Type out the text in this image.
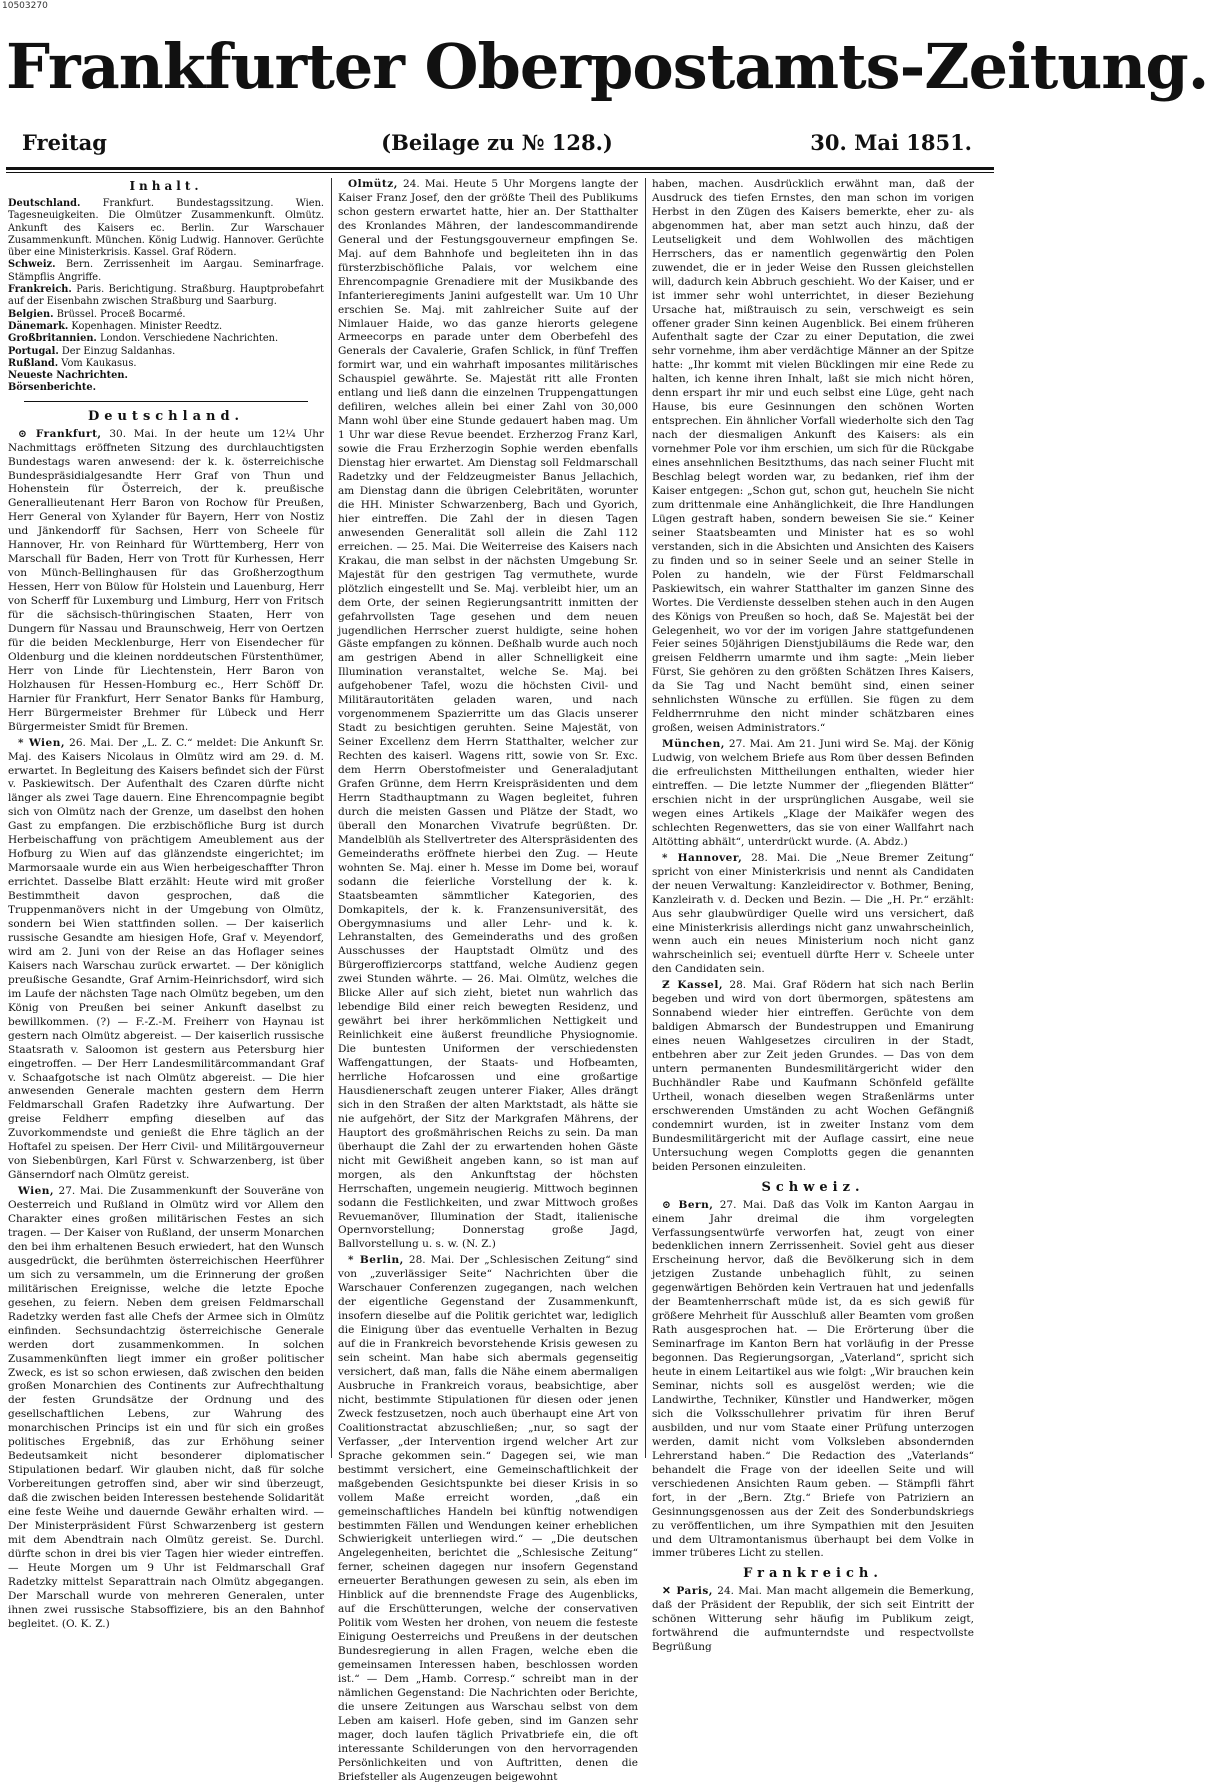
10503270
Frankfurter Oberpostamts-Zeitung.
Freitag	(Beilage zu № 128.)	30. Mai 1851.
Inhalt.

Deutschland. Frankfurt. Bundestagssitzung. Wien. Tagesneuigkeiten. Die Olmützer Zusammenkunft. Olmütz. Ankunft des Kaisers ec. Berlin. Zur Warschauer Zusammenkunft. München. König Ludwig. Hannover. Gerüchte über eine Ministerkrisis. Kassel. Graf Rödern.

Schweiz. Bern. Zerrissenheit im Aargau. Seminarfrage. Stämpflis Angriffe.

Frankreich. Paris. Berichtigung. Straßburg. Hauptprobefahrt auf der Eisenbahn zwischen Straßburg und Saarburg.

Belgien. Brüssel. Proceß Bocarmé.

Dänemark. Kopenhagen. Minister Reedtz.

Großbritannien. London. Verschiedene Nachrichten.

Portugal. Der Einzug Saldanhas.

Rußland. Vom Kaukasus.

Neueste Nachrichten.

Börsenberichte.

Deutschland.

⊙ Frankfurt, 30. Mai. In der heute um 12¼ Uhr Nachmittags eröffneten Sitzung des durchlauchtigsten Bundestags waren anwesend: der k. k. österreichische Bundespräsidialgesandte Herr Graf von Thun und Hohenstein für Österreich, der k. preußische Generallieutenant Herr Baron von Rochow für Preußen, Herr General von Xylander für Bayern, Herr von Nostiz und Jänkendorff für Sachsen, Herr von Scheele für Hannover, Hr. von Reinhard für Württemberg, Herr von Marschall für Baden, Herr von Trott für Kurhessen, Herr von Münch-Bellinghausen für das Großherzogthum Hessen, Herr von Bülow für Holstein und Lauenburg, Herr von Scherff für Luxemburg und Limburg, Herr von Fritsch für die sächsisch-thüringischen Staaten, Herr von Dungern für Nassau und Braunschweig, Herr von Oertzen für die beiden Mecklenburge, Herr von Eisendecher für Oldenburg und die kleinen norddeutschen Fürstenthümer, Herr von Linde für Liechtenstein, Herr Baron von Holzhausen für Hessen-Homburg ec., Herr Schöff Dr. Harnier für Frankfurt, Herr Senator Banks für Hamburg, Herr Bürgermeister Brehmer für Lübeck und Herr Bürgermeister Smidt für Bremen.

* Wien, 26. Mai. Der „L. Z. C.“ meldet: Die Ankunft Sr. Maj. des Kaisers Nicolaus in Olmütz wird am 29. d. M. erwartet. In Begleitung des Kaisers befindet sich der Fürst v. Paskiewitsch. Der Aufenthalt des Czaren dürfte nicht länger als zwei Tage dauern. Eine Ehrencompagnie begibt sich von Olmütz nach der Grenze, um daselbst den hohen Gast zu empfangen. Die erzbischöfliche Burg ist durch Herbeischaffung von prächtigem Ameublement aus der Hofburg zu Wien auf das glänzendste eingerichtet; im Marmorsaale wurde ein aus Wien herbeigeschaffter Thron errichtet. Dasselbe Blatt erzählt: Heute wird mit großer Bestimmtheit davon gesprochen, daß die Truppenmanövers nicht in der Umgebung von Olmütz, sondern bei Wien stattfinden sollen. — Der kaiserlich russische Gesandte am hiesigen Hofe, Graf v. Meyendorf, wird am 2. Juni von der Reise an das Hoflager seines Kaisers nach Warschau zurück erwartet. — Der königlich preußische Gesandte, Graf Arnim-Heinrichsdorf, wird sich im Laufe der nächsten Tage nach Olmütz begeben, um den König von Preußen bei seiner Ankunft daselbst zu bewillkommen. (?) — F.-Z.-M. Freiherr von Haynau ist gestern nach Olmütz abgereist. — Der kaiserlich russische Staatsrath v. Saloomon ist gestern aus Petersburg hier eingetroffen. — Der Herr Landesmilitärcommandant Graf v. Schaafgotsche ist nach Olmütz abgereist. — Die hier anwesenden Generale machten gestern dem Herrn Feldmarschall Grafen Radetzky ihre Aufwartung. Der greise Feldherr empfing dieselben auf das Zuvorkommendste und genießt die Ehre täglich an der Hoftafel zu speisen. Der Herr Civil- und Militärgouverneur von Siebenbürgen, Karl Fürst v. Schwarzenberg, ist über Gänserndorf nach Olmütz gereist.

Wien, 27. Mai. Die Zusammenkunft der Souveräne von Oesterreich und Rußland in Olmütz wird vor Allem den Charakter eines großen militärischen Festes an sich tragen. — Der Kaiser von Rußland, der unserm Monarchen den bei ihm erhaltenen Besuch erwiedert, hat den Wunsch ausgedrückt, die berühmten österreichischen Heerführer um sich zu versammeln, um die Erinnerung der großen militärischen Ereignisse, welche die letzte Epoche gesehen, zu feiern. Neben dem greisen Feldmarschall Radetzky werden fast alle Chefs der Armee sich in Olmütz einfinden. Sechsundachtzig österreichische Generale werden dort zusammenkommen. In solchen Zusammenkünften liegt immer ein großer politischer Zweck, es ist so schon erwiesen, daß zwischen den beiden großen Monarchien des Continents zur Aufrechthaltung der festen Grundsätze der Ordnung und des gesellschaftlichen Lebens, zur Wahrung des monarchischen Princips ist ein und für sich ein großes politisches Ergebniß, das zur Erhöhung seiner Bedeutsamkeit nicht besonderer diplomatischer Stipulationen bedarf. Wir glauben nicht, daß für solche Vorbereitungen getroffen sind, aber wir sind überzeugt, daß die zwischen beiden Interessen bestehende Solidarität eine feste Weihe und dauernde Gewähr erhalten wird. — Der Ministerpräsident Fürst Schwarzenberg ist gestern mit dem Abendtrain nach Olmütz gereist. Se. Durchl. dürfte schon in drei bis vier Tagen hier wieder eintreffen. — Heute Morgen um 9 Uhr ist Feldmarschall Graf Radetzky mittelst Separattrain nach Olmütz abgegangen. Der Marschall wurde von mehreren Generalen, unter ihnen zwei russische Stabsoffiziere, bis an den Bahnhof begleitet. (O. K. Z.)

Olmütz, 24. Mai. Heute 5 Uhr Morgens langte der Kaiser Franz Josef, den der größte Theil des Publikums schon gestern erwartet hatte, hier an. Der Statthalter des Kronlandes Mähren, der landescommandirende General und der Festungsgouverneur empfingen Se. Maj. auf dem Bahnhofe und begleiteten ihn in das fürsterzbischöfliche Palais, vor welchem eine Ehrencompagnie Grenadiere mit der Musikbande des Infanterieregiments Janini aufgestellt war. Um 10 Uhr erschien Se. Maj. mit zahlreicher Suite auf der Nimlauer Haide, wo das ganze hierorts gelegene Armeecorps en parade unter dem Oberbefehl des Generals der Cavalerie, Grafen Schlick, in fünf Treffen formirt war, und ein wahrhaft imposantes militärisches Schauspiel gewährte. Se. Majestät ritt alle Fronten entlang und ließ dann die einzelnen Truppengattungen defiliren, welches allein bei einer Zahl von 30,000 Mann wohl über eine Stunde gedauert haben mag. Um 1 Uhr war diese Revue beendet. Erzherzog Franz Karl, sowie die Frau Erzherzogin Sophie werden ebenfalls Dienstag hier erwartet. Am Dienstag soll Feldmarschall Radetzky und der Feldzeugmeister Banus Jellachich, am Dienstag dann die übrigen Celebritäten, worunter die HH. Minister Schwarzenberg, Bach und Gyorich, hier eintreffen. Die Zahl der in diesen Tagen anwesenden Generalität soll allein die Zahl 112 erreichen. — 25. Mai. Die Weiterreise des Kaisers nach Krakau, die man selbst in der nächsten Umgebung Sr. Majestät für den gestrigen Tag vermuthete, wurde plötzlich eingestellt und Se. Maj. verbleibt hier, um an dem Orte, der seinen Regierungsantritt inmitten der gefahrvollsten Tage gesehen und dem neuen jugendlichen Herrscher zuerst huldigte, seine hohen Gäste empfangen zu können. Deßhalb wurde auch noch am gestrigen Abend in aller Schnelligkeit eine Illumination veranstaltet, welche Se. Maj. bei aufgehobener Tafel, wozu die höchsten Civil- und Militärautoritäten geladen waren, und nach vorgenommenem Spazierritte um das Glacis unserer Stadt zu besichtigen geruhten. Seine Majestät, von Seiner Excellenz dem Herrn Statthalter, welcher zur Rechten des kaiserl. Wagens ritt, sowie von Sr. Exc. dem Herrn Oberstofmeister und Generaladjutant Grafen Grünne, dem Herrn Kreispräsidenten und dem Herrn Stadthauptmann zu Wagen begleitet, fuhren durch die meisten Gassen und Plätze der Stadt, wo überall den Monarchen Vivatrufe begrüßten. Dr. Mandelblüh als Stellvertreter des Alterspräsidenten des Gemeinderaths eröffnete hierbei den Zug. — Heute wohnten Se. Maj. einer h. Messe im Dome bei, worauf sodann die feierliche Vorstellung der k. k. Staatsbeamten sämmtlicher Kategorien, des Domkapitels, der k. k. Franzensuniversität, des Obergymnasiums und aller Lehr- und k. k. Lehranstalten, des Gemeinderaths und des großen Ausschusses der Hauptstadt Olmütz und des Bürgeroffiziercorps stattfand, welche Audienz gegen zwei Stunden währte. — 26. Mai. Olmütz, welches die Blicke Aller auf sich zieht, bietet nun wahrlich das lebendige Bild einer reich bewegten Residenz, und gewährt bei ihrer herkömmlichen Nettigkeit und Reinlichkeit eine äußerst freundliche Physiognomie. Die buntesten Uniformen der verschiedensten Waffengattungen, der Staats- und Hofbeamten, herrliche Hofcarossen und eine großartige Hausdienerschaft zeugen unterer Fiaker, Alles drängt sich in den Straßen der alten Marktstadt, als hätte sie nie aufgehört, der Sitz der Markgrafen Mährens, der Hauptort des großmährischen Reichs zu sein. Da man überhaupt die Zahl der zu erwartenden hohen Gäste nicht mit Gewißheit angeben kann, so ist man auf morgen, als den Ankunftstag der höchsten Herrschaften, ungemein neugierig. Mittwoch beginnen sodann die Festlichkeiten, und zwar Mittwoch großes Revuemanöver, Illumination der Stadt, italienische Opernvorstellung; Donnerstag große Jagd, Ballvorstellung u. s. w. (N. Z.)

* Berlin, 28. Mai. Der „Schlesischen Zeitung“ sind von „zuverlässiger Seite“ Nachrichten über die Warschauer Conferenzen zugegangen, nach welchen der eigentliche Gegenstand der Zusammenkunft, insofern dieselbe auf die Politik gerichtet war, lediglich die Einigung über das eventuelle Verhalten in Bezug auf die in Frankreich bevorstehende Krisis gewesen zu sein scheint. Man habe sich abermals gegenseitig versichert, daß man, falls die Nähe einem abermaligen Ausbruche in Frankreich voraus, beabsichtige, aber nicht, bestimmte Stipulationen für diesen oder jenen Zweck festzusetzen, noch auch überhaupt eine Art von Coalitionstractat abzuschließen; „nur, so sagt der Verfasser, „der Intervention irgend welcher Art zur Sprache gekommen sein.“ Dagegen sei, wie man bestimmt versichert, eine Gemeinschaftlichkeit der maßgebenden Gesichtspunkte bei dieser Krisis in so vollem Maße erreicht worden, „daß ein gemeinschaftliches Handeln bei künftig notwendigen bestimmten Fällen und Wendungen keiner erheblichen Schwierigkeit unterliegen wird.“ — „Die deutschen Angelegenheiten, berichtet die „Schlesische Zeitung“ ferner, scheinen dagegen nur insofern Gegenstand erneuerter Berathungen gewesen zu sein, als eben im Hinblick auf die brennendste Frage des Augenblicks, auf die Erschütterungen, welche der conservativen Politik vom Westen her drohen, von neuem die festeste Einigung Oesterreichs und Preußens in der deutschen Bundesregierung in allen Fragen, welche eben die gemeinsamen Interessen haben, beschlossen worden ist.“ — Dem „Hamb. Corresp.“ schreibt man in der nämlichen Gegenstand: Die Nachrichten oder Berichte, die unsere Zeitungen aus Warschau selbst von dem Leben am kaiserl. Hofe geben, sind im Ganzen sehr mager, doch laufen täglich Privatbriefe ein, die oft interessante Schilderungen von den hervorragenden Persönlichkeiten und von Auftritten, denen die Briefsteller als Augenzeugen beigewohnt

haben, machen. Ausdrücklich erwähnt man, daß der Ausdruck des tiefen Ernstes, den man schon im vorigen Herbst in den Zügen des Kaisers bemerkte, eher zu- als abgenommen hat, aber man setzt auch hinzu, daß der Leutseligkeit und dem Wohlwollen des mächtigen Herrschers, das er namentlich gegenwärtig den Polen zuwendet, die er in jeder Weise den Russen gleichstellen will, dadurch kein Abbruch geschieht. Wo der Kaiser, und er ist immer sehr wohl unterrichtet, in dieser Beziehung Ursache hat, mißtrauisch zu sein, verschweigt es sein offener grader Sinn keinen Augenblick. Bei einem früheren Aufenthalt sagte der Czar zu einer Deputation, die zwei sehr vornehme, ihm aber verdächtige Männer an der Spitze hatte: „Ihr kommt mit vielen Bücklingen mir eine Rede zu halten, ich kenne ihren Inhalt, laßt sie mich nicht hören, denn erspart ihr mir und euch selbst eine Lüge, geht nach Hause, bis eure Gesinnungen den schönen Worten entsprechen. Ein ähnlicher Vorfall wiederholte sich den Tag nach der diesmaligen Ankunft des Kaisers: als ein vornehmer Pole vor ihm erschien, um sich für die Rückgabe eines ansehnlichen Besitzthums, das nach seiner Flucht mit Beschlag belegt worden war, zu bedanken, rief ihm der Kaiser entgegen: „Schon gut, schon gut, heucheln Sie nicht zum drittenmale eine Anhänglichkeit, die Ihre Handlungen Lügen gestraft haben, sondern beweisen Sie sie.“ Keiner seiner Staatsbeamten und Minister hat es so wohl verstanden, sich in die Absichten und Ansichten des Kaisers zu finden und so in seiner Seele und an seiner Stelle in Polen zu handeln, wie der Fürst Feldmarschall Paskiewitsch, ein wahrer Statthalter im ganzen Sinne des Wortes. Die Verdienste desselben stehen auch in den Augen des Königs von Preußen so hoch, daß Se. Majestät bei der Gelegenheit, wo vor der im vorigen Jahre stattgefundenen Feier seines 50jährigen Dienstjubiläums die Rede war, den greisen Feldherrn umarmte und ihm sagte: „Mein lieber Fürst, Sie gehören zu den größten Schätzen Ihres Kaisers, da Sie Tag und Nacht bemüht sind, einen seiner sehnlichsten Wünsche zu erfüllen. Sie fügen zu dem Feldherrnruhme den nicht minder schätzbaren eines großen, weisen Administrators.“

München, 27. Mai. Am 21. Juni wird Se. Maj. der König Ludwig, von welchem Briefe aus Rom über dessen Befinden die erfreulichsten Mittheilungen enthalten, wieder hier eintreffen. — Die letzte Nummer der „fliegenden Blätter“ erschien nicht in der ursprünglichen Ausgabe, weil sie wegen eines Artikels „Klage der Maikäfer wegen des schlechten Regenwetters, das sie von einer Wallfahrt nach Altötting abhält“, unterdrückt wurde. (A. Abdz.)

* Hannover, 28. Mai. Die „Neue Bremer Zeitung“ spricht von einer Ministerkrisis und nennt als Candidaten der neuen Verwaltung: Kanzleidirector v. Bothmer, Bening, Kanzleirath v. d. Decken und Bezin. — Die „H. Pr.“ erzählt: Aus sehr glaubwürdiger Quelle wird uns versichert, daß eine Ministerkrisis allerdings nicht ganz unwahrscheinlich, wenn auch ein neues Ministerium noch nicht ganz wahrscheinlich sei; eventuell dürfte Herr v. Scheele unter den Candidaten sein.

Ƶ Kassel, 28. Mai. Graf Rödern hat sich nach Berlin begeben und wird von dort übermorgen, spätestens am Sonnabend wieder hier eintreffen. Gerüchte von dem baldigen Abmarsch der Bundestruppen und Emanirung eines neuen Wahlgesetzes circuliren in der Stadt, entbehren aber zur Zeit jeden Grundes. — Das von dem untern permanenten Bundesmilitärgericht wider den Buchhändler Rabe und Kaufmann Schönfeld gefällte Urtheil, wonach dieselben wegen Straßenlärms unter erschwerenden Umständen zu acht Wochen Gefängniß condemnirt wurden, ist in zweiter Instanz vom dem Bundesmilitärgericht mit der Auflage cassirt, eine neue Untersuchung wegen Complotts gegen die genannten beiden Personen einzuleiten.

Schweiz.

⊙ Bern, 27. Mai. Daß das Volk im Kanton Aargau in einem Jahr dreimal die ihm vorgelegten Verfassungsentwürfe verworfen hat, zeugt von einer bedenklichen innern Zerrissenheit. Soviel geht aus dieser Erscheinung hervor, daß die Bevölkerung sich in dem jetzigen Zustande unbehaglich fühlt, zu seinen gegenwärtigen Behörden kein Vertrauen hat und jedenfalls der Beamtenherrschaft müde ist, da es sich gewiß für größere Mehrheit für Ausschluß aller Beamten vom großen Rath ausgesprochen hat. — Die Erörterung über die Seminarfrage im Kanton Bern hat vorläufig in der Presse begonnen. Das Regierungsorgan, „Vaterland“, spricht sich heute in einem Leitartikel aus wie folgt: „Wir brauchen kein Seminar, nichts soll es ausgelöst werden; wie die Landwirthe, Techniker, Künstler und Handwerker, mögen sich die Volksschullehrer privatim für ihren Beruf ausbilden, und nur vom Staate einer Prüfung unterzogen werden, damit nicht vom Volksleben absondernden Lehrerstand haben.“ Die Redaction des „Vaterlands“ behandelt die Frage von der ideellen Seite und will verschiedenen Ansichten Raum geben. — Stämpfli fährt fort, in der „Bern. Ztg.“ Briefe von Patriziern an Gesinnungsgenossen aus der Zeit des Sonderbundskriegs zu veröffentlichen, um ihre Sympathien mit den Jesuiten und dem Ultramontanismus überhaupt bei dem Volke in immer trüberes Licht zu stellen.

Frankreich.

✕ Paris, 24. Mai. Man macht allgemein die Bemerkung, daß der Präsident der Republik, der sich seit Eintritt der schönen Witterung sehr häufig im Publikum zeigt, fortwährend die aufmunterndste und respectvollste Begrüßung
